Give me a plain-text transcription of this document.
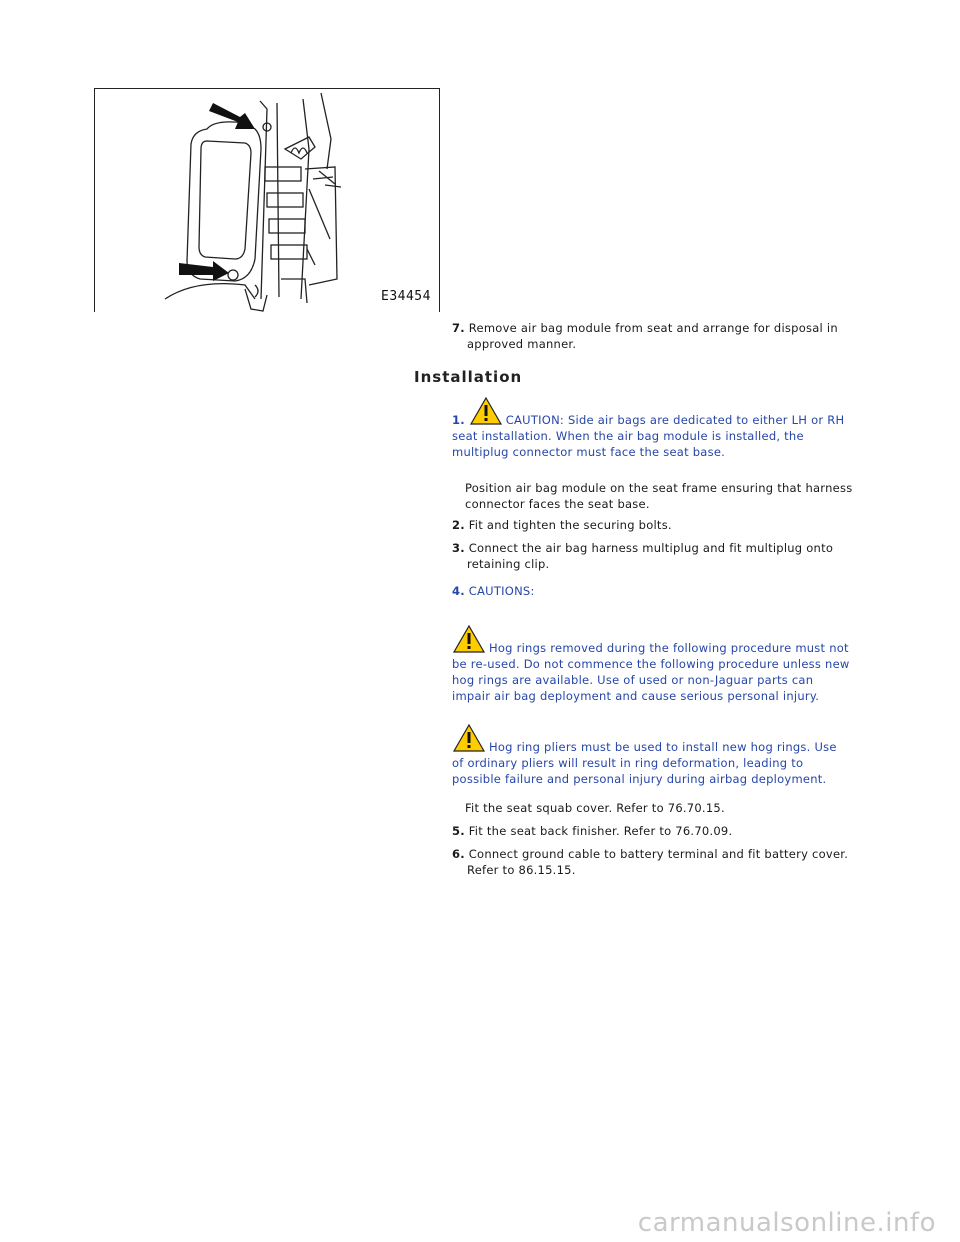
E34454
7. Remove air bag module from seat and arrange for disposal in
approved manner.
Installation
1.	CAUTION: Side air bags are dedicated to either LH or RH
seat installation. When the air bag module is installed, the
multiplug connector must face the seat base.
Position air bag module on the seat frame ensuring that harness
connector faces the seat base.
2. Fit and tighten the securing bolts.
3. Connect the air bag harness multiplug and fit multiplug onto
retaining clip.
4. CAUTIONS:
Hog rings removed during the following procedure must not
be re-used. Do not commence the following procedure unless new
hog rings are available. Use of used or non-Jaguar parts can
impair air bag deployment and cause serious personal injury.
Hog ring pliers must be used to install new hog rings. Use
of ordinary pliers will result in ring deformation, leading to
possible failure and personal injury during airbag deployment.
Fit the seat squab cover. Refer to 76.70.15.
5. Fit the seat back finisher. Refer to 76.70.09.
6. Connect ground cable to battery terminal and fit battery cover.
Refer to 86.15.15.
carmanualsonline.info
